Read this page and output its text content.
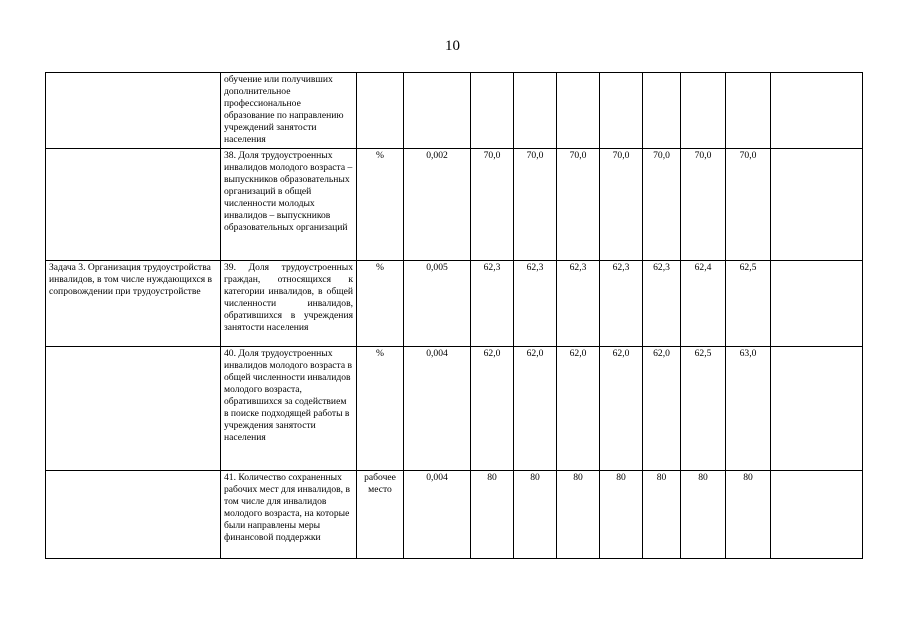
10
	обучение или получивших дополнительное профессиональное образование по направлению учреждений занятости населения										
	38. Доля трудоустроенных инвалидов молодого возраста – выпускников образовательных организаций в общей численности молодых инвалидов – выпускников образовательных организаций	%	0,002	70,0	70,0	70,0	70,0	70,0	70,0	70,0	
Задача 3. Организация трудоустройства инвалидов, в том числе нуждающихся в сопровождении при трудоустройстве	39. Доля трудоустроенных граждан, относящихся к категории инвалидов, в общей численности инвалидов, обратившихся в учреждения занятости населения	%	0,005	62,3	62,3	62,3	62,3	62,3	62,4	62,5	
	40. Доля трудоустроенных инвалидов молодого возраста в общей численности инвалидов молодого возраста, обратившихся за содействием в поиске подходящей работы в учреждения занятости населения	%	0,004	62,0	62,0	62,0	62,0	62,0	62,5	63,0	
	41. Количество сохраненных рабочих мест для инвалидов, в том числе для инвалидов молодого возраста, на которые были направлены меры финансовой поддержки	рабочее место	0,004	80	80	80	80	80	80	80	
